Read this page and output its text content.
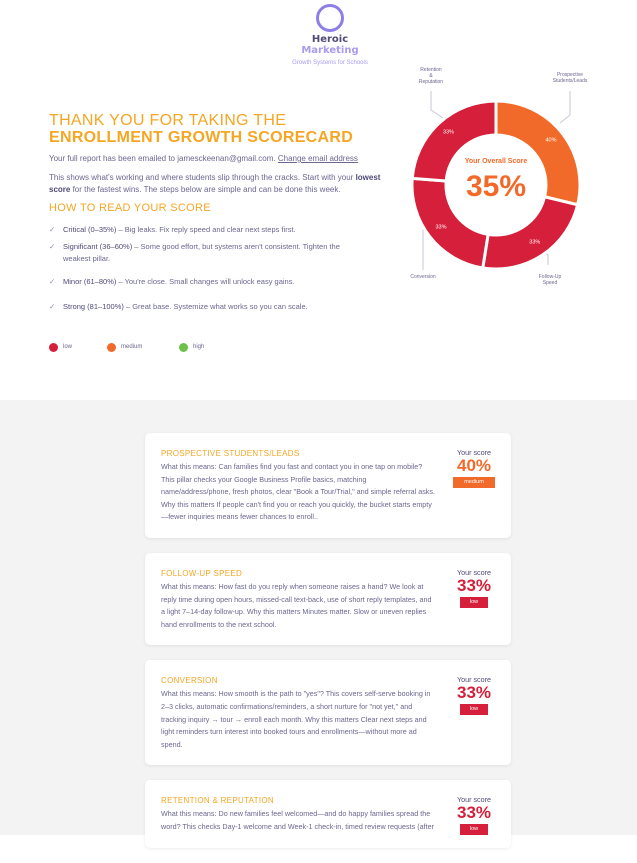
Heroic
Marketing
Growth Systems for Schools
THANK YOU FOR TAKING THE
ENROLLMENT GROWTH SCORECARD
Your full report has been emailed to jamesckeenan@gmail.com. Change email address
This shows what's working and where students slip through the cracks. Start with your lowest score for the fastest wins. The steps below are simple and can be done this week.
HOW TO READ YOUR SCORE
✓	Critical (0–35%) – Big leaks. Fix reply speed and clear next steps first.
✓	Significant (36–60%) – Some good effort, but systems aren't consistent. Tighten the weakest pillar.
✓	Minor (61–80%) – You're close. Small changes will unlock easy gains.
✓	Strong (81–100%) – Great base. Systemize what works so you can scale.
low	medium	high
40%
33%
33%
33%
Your Overall Score
35%
Retention & Reputation
Prospective Students/Leads
Conversion	Follow-Up Speed
PROSPECTIVE STUDENTS/LEADS
What this means: Can families find you fast and contact you in one tap on mobile? This pillar checks your Google Business Profile basics, matching name/address/phone, fresh photos, clear "Book a Tour/Trial," and simple referral asks. Why this matters If people can't find you or reach you quickly, the bucket starts empty—fewer inquiries means fewer chances to enroll..
Your score
40%
medium
FOLLOW-UP SPEED
What this means: How fast do you reply when someone raises a hand? We look at reply time during open hours, missed-call text-back, use of short reply templates, and a light 7–14-day follow-up. Why this matters Minutes matter. Slow or uneven replies hand enrollments to the next school.
Your score
33%
low
CONVERSION
What this means: How smooth is the path to "yes"? This covers self-serve booking in 2–3 clicks, automatic confirmations/reminders, a short nurture for "not yet," and tracking inquiry → tour → enroll each month. Why this matters Clear next steps and light reminders turn interest into booked tours and enrollments—without more ad spend.
Your score
33%
low
RETENTION & REPUTATION
What this means: Do new families feel welcomed—and do happy families spread the word? This checks Day-1 welcome and Week-1 check-in, timed review requests (after
Your score
33%
low
